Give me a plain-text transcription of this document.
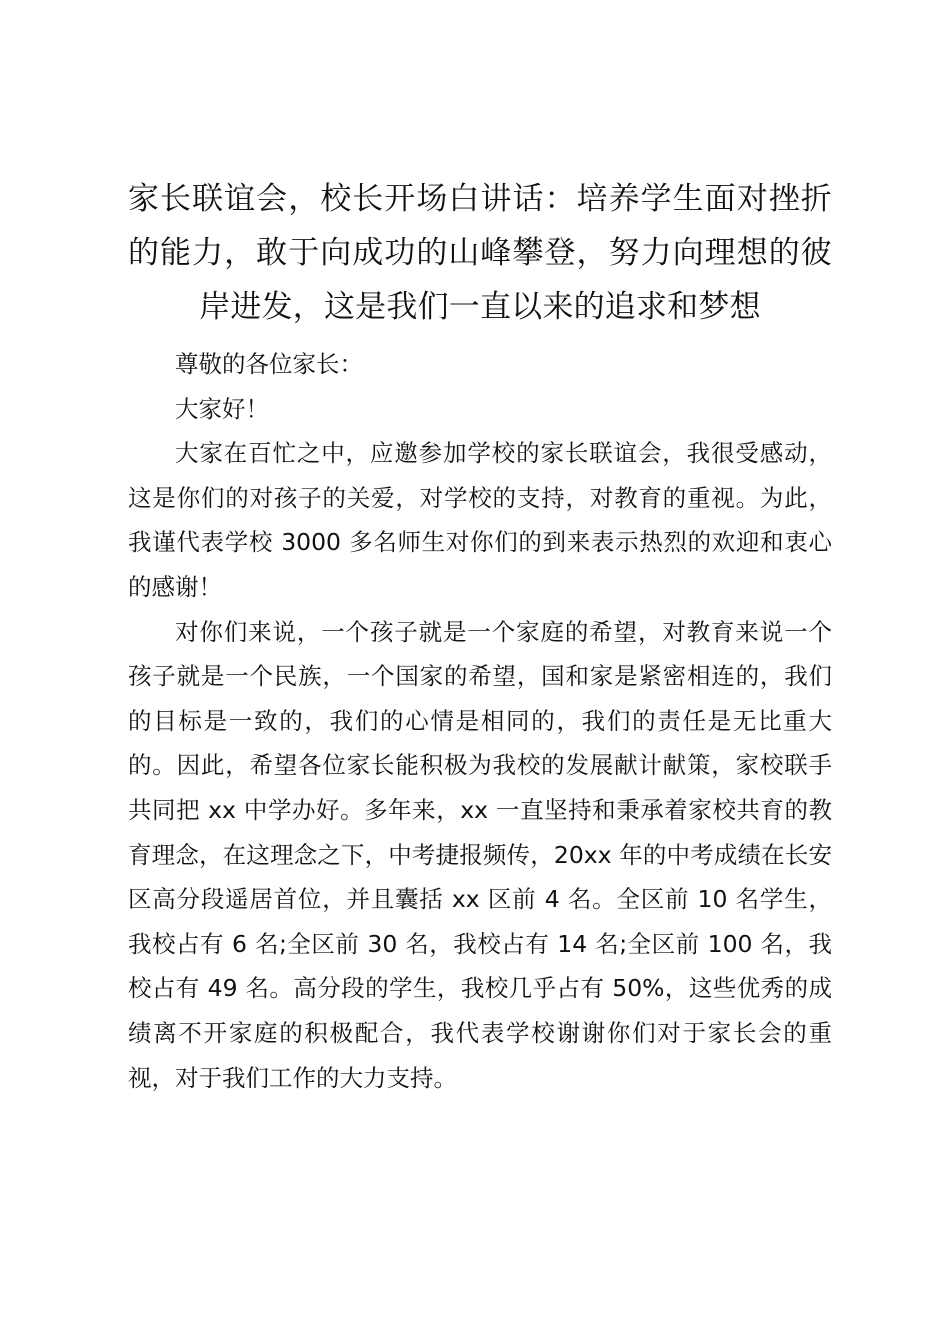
家长联谊会，校长开场白讲话：培养学生面对挫折的能力，敢于向成功的山峰攀登，努力向理想的彼岸进发，这是我们一直以来的追求和梦想

尊敬的各位家长：

大家好！

大家在百忙之中，应邀参加学校的家长联谊会，我很受感动，这是你们的对孩子的关爱，对学校的支持，对教育的重视。为此，我谨代表学校 3000 多名师生对你们的到来表示热烈的欢迎和衷心的感谢！

对你们来说，一个孩子就是一个家庭的希望，对教育来说一个孩子就是一个民族，一个国家的希望，国和家是紧密相连的，我们的目标是一致的，我们的心情是相同的，我们的责任是无比重大的。因此，希望各位家长能积极为我校的发展献计献策，家校联手共同把 xx 中学办好。多年来，xx 一直坚持和秉承着家校共育的教育理念，在这理念之下，中考捷报频传，20xx 年的中考成绩在长安区高分段遥居首位，并且囊括 xx 区前 4 名。全区前 10 名学生，我校占有 6 名;全区前 30 名，我校占有 14 名;全区前 100 名，我校占有 49 名。高分段的学生，我校几乎占有 50%，这些优秀的成绩离不开家庭的积极配合，我代表学校谢谢你们对于家长会的重视，对于我们工作的大力支持。
